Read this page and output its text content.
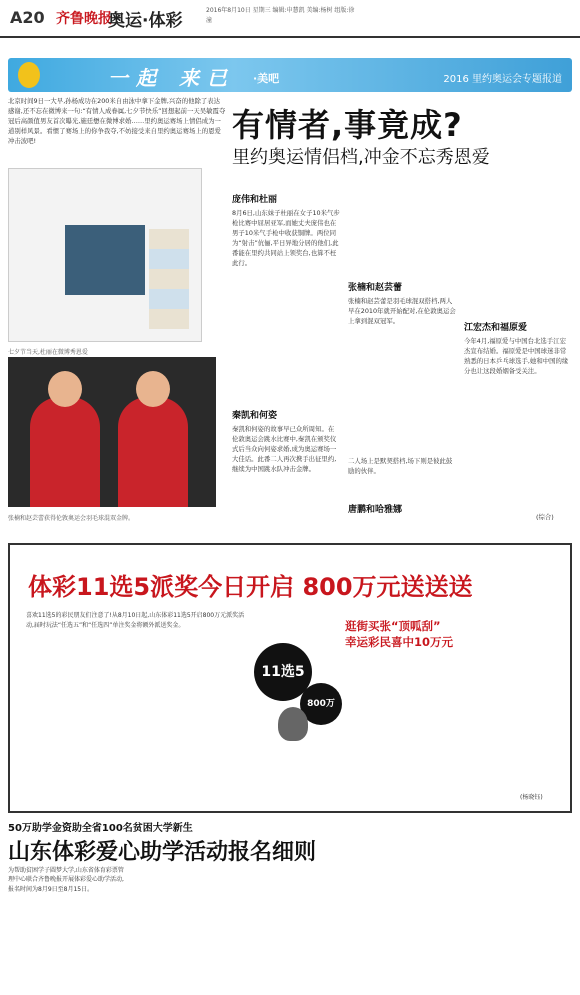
A20 齐鲁晚报
奥运·体彩
2016年8月10日 星期三 编辑:申慧凯 美编:杨树 组版:徐潼
一起 来已 ·美吧	2016 里约奥运会专题报道
北京时间9日一大早,孙杨成功在200米自由泳中拿下金牌,兴奋的他除了表达感谢,还不忘在微博来一句:“有情人成眷属,七夕节快乐”回想起前一天吴敏霞夺冠后高颜值男友首次曝光,施廷懋在微博求婚……里约奥运赛场上情侣成为一道别样风景。看惯了赛场上的你争我夺,不妨接受来自里约奥运赛场上的恩爱冲击波吧!	有情者,事竟成?
里约奥运情侣档,冲金不忘秀恩爱
七夕节当天,杜丽在微博秀恩爱
张楠和赵芸蕾获得伦敦奥运会羽毛球混双金牌。
庞伟和杜丽
8月6日,山东妹子杜丽在女子10米气步枪比赛中屈居亚军,而她丈夫庞伟也在男子10米气手枪中收获铜牌。两位同为“射击”伉俪,平日异地分居的他们,此番能在里约共同站上领奖台,也算不枉此行。
秦凯和何姿
秦凯和何姿的故事早已众所周知。在伦敦奥运会跳水比赛中,秦凯在颁奖仪式后当众向何姿求婚,成为奥运赛场一大佳话。此番二人再次携手出征里约,继续为中国跳水队冲击金牌。
张楠和赵芸蕾
张楠和赵芸蕾是羽毛球混双搭档,两人早在2010年就开始配对,在伦敦奥运会上拿到混双冠军。
唐鹏和哈雅娜
二人场上是默契搭档,场下则是彼此鼓励的伙伴。
江宏杰和福原爱
今年4月,福原爱与中国台北选手江宏杰宣布结婚。福原爱是中国球迷非常熟悉的日本乒乓球选手,她和中国的缘分也让这段婚姻备受关注。
(综合)
体彩11选5派奖今日开启 800万元送送送
喜欢11选5的彩民朋友们注意了!从8月10日起,山东体彩11选5开启800万元派奖活动,届时玩法“任选五”和“任选四”单注奖金将额外派送奖金。
11选5
800万
逛街买张“顶呱刮”
幸运彩民喜中10万元
(杨晓钰)
50万助学金资助全省100名贫困大学新生
山东体彩爱心助学活动报名细则
为帮助贫困学子圆梦大学,山东省体育彩票管理中心联合齐鲁晚报开展体彩爱心助学活动,报名时间为8月9日至8月15日。
